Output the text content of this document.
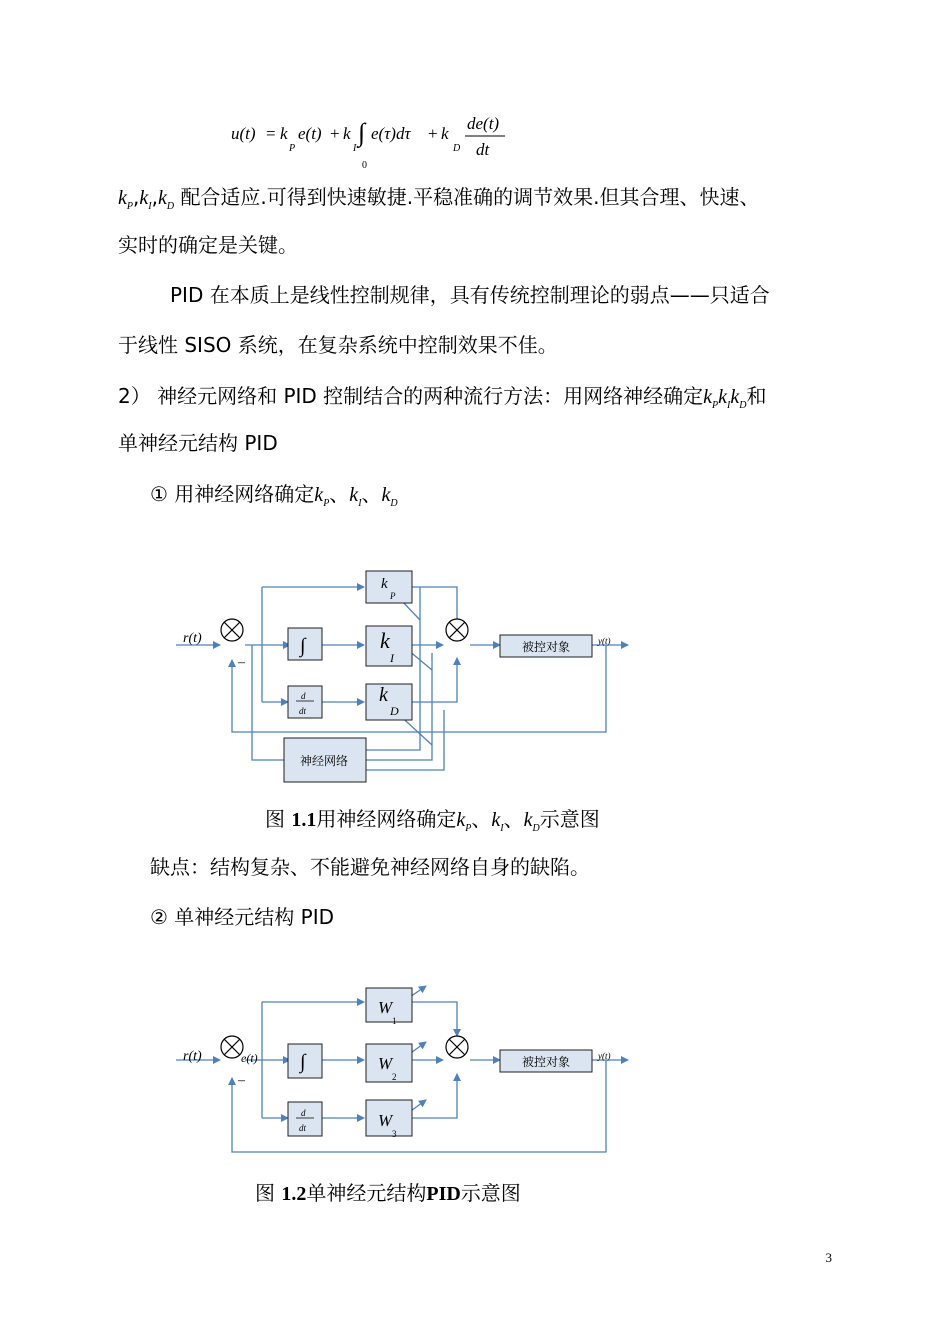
u(t) = k
P
e(t) + k
I
∫
0
e(τ)dτ + k
D
de(t)
dt
$k_P,k_I,k_D$ 配合适应.可得到快速敏捷.平稳准确的调节效果.但其合理、快速、
实时的确定是关键。
PID 在本质上是线性控制规律，具有传统控制理论的弱点——只适合
于线性 SISO 系统，在复杂系统中控制效果不佳。
2） 神经元网络和 PID 控制结合的两种流行方法：用网络神经确定$k_Pk_Ik_D$和
单神经元结构 PID
① 用神经网络确定$k_P$、$k_I$、$k_D$
r(t)
–
∫
d
dt
k
P
k
I
k
D
被控对象	y(t)
神经网络
图 1.1用神经网络确定$k_P$、$k_I$、$k_D$示意图
缺点：结构复杂、不能避免神经网络自身的缺陷。
② 单神经元结构 PID
r(t)	e(t)
–
∫
d
dt
W
1
W
2
W
3
被控对象	y(t)
图 1.2单神经元结构PID示意图
3
